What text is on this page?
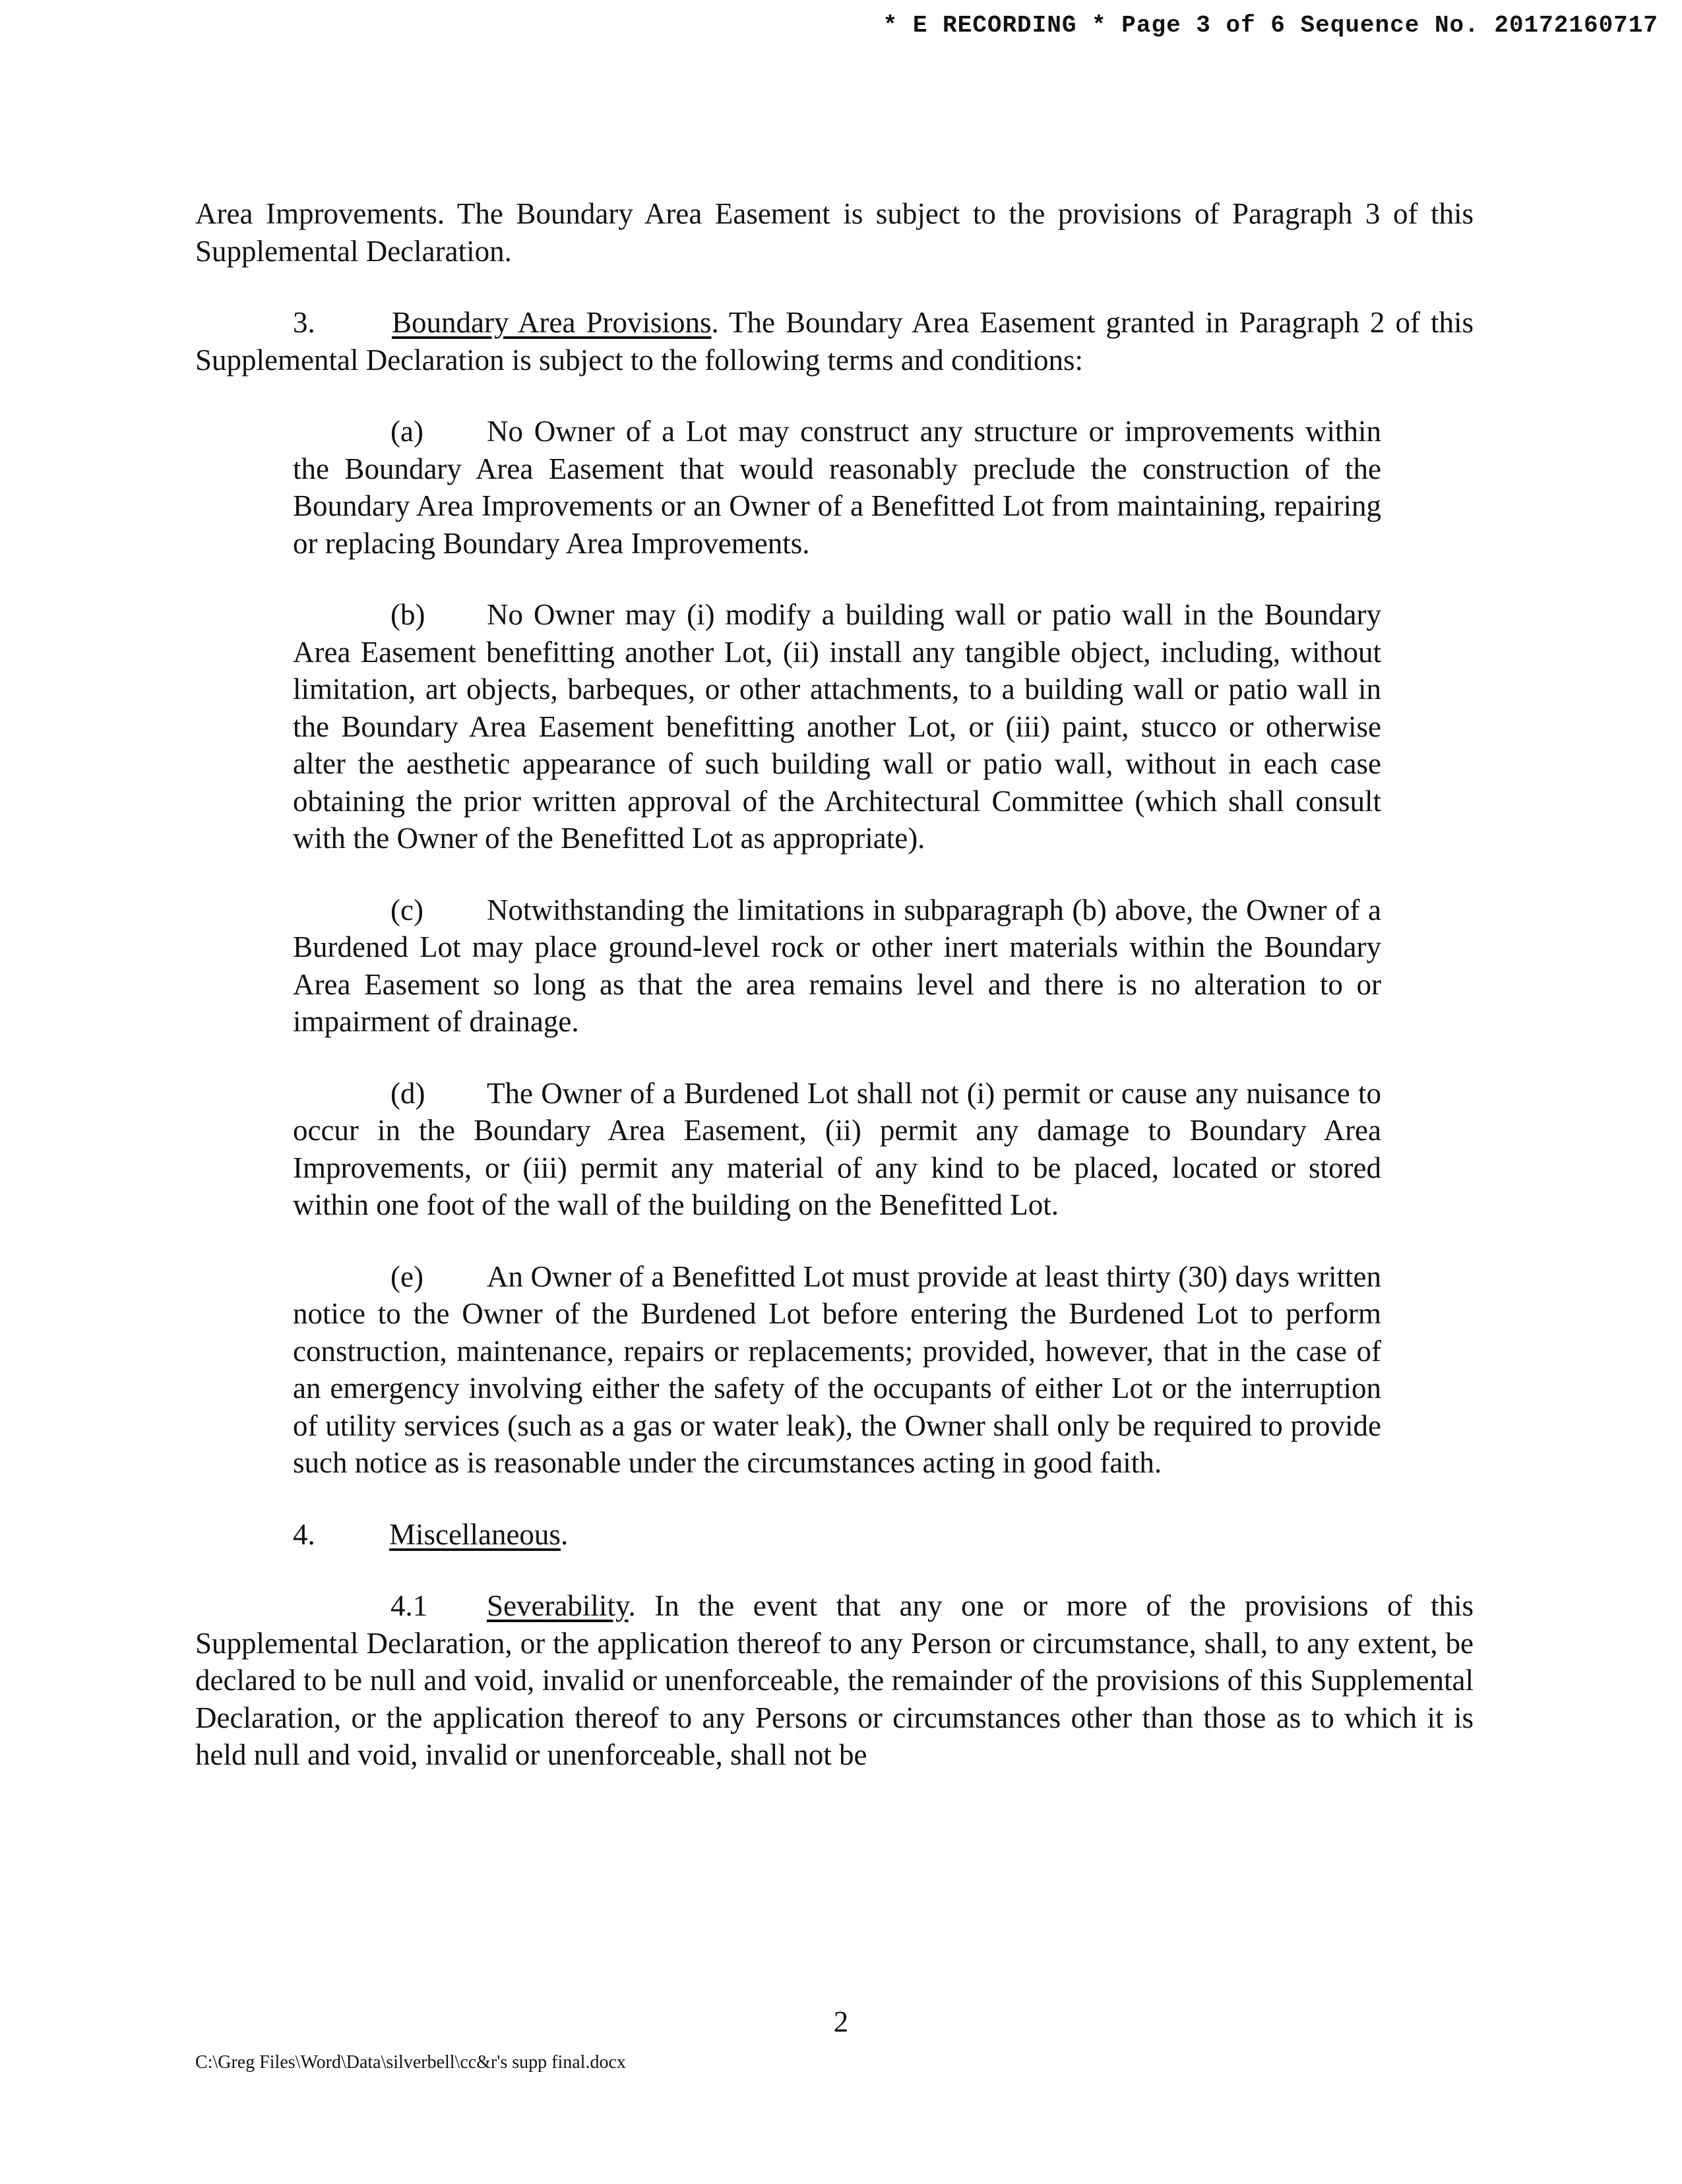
* E RECORDING * Page 3 of 6 Sequence No. 20172160717

Area Improvements. The Boundary Area Easement is subject to the provisions of Paragraph 3 of this Supplemental Declaration.

3.	Boundary Area Provisions. The Boundary Area Easement granted in Paragraph 2 of this Supplemental Declaration is subject to the following terms and conditions:

(a) No Owner of a Lot may construct any structure or improvements within the Boundary Area Easement that would reasonably preclude the construction of the Boundary Area Improvements or an Owner of a Benefitted Lot from maintaining, repairing or replacing Boundary Area Improvements.

(b) No Owner may (i) modify a building wall or patio wall in the Boundary Area Easement benefitting another Lot, (ii) install any tangible object, including, without limitation, art objects, barbeques, or other attachments, to a building wall or patio wall in the Boundary Area Easement benefitting another Lot, or (iii) paint, stucco or otherwise alter the aesthetic appearance of such building wall or patio wall, without in each case obtaining the prior written approval of the Architectural Committee (which shall consult with the Owner of the Benefitted Lot as appropriate).

(c) Notwithstanding the limitations in subparagraph (b) above, the Owner of a Burdened Lot may place ground-level rock or other inert materials within the Boundary Area Easement so long as that the area remains level and there is no alteration to or impairment of drainage.

(d) The Owner of a Burdened Lot shall not (i) permit or cause any nuisance to occur in the Boundary Area Easement, (ii) permit any damage to Boundary Area Improvements, or (iii) permit any material of any kind to be placed, located or stored within one foot of the wall of the building on the Benefitted Lot.

(e) An Owner of a Benefitted Lot must provide at least thirty (30) days written notice to the Owner of the Burdened Lot before entering the Burdened Lot to perform construction, maintenance, repairs or replacements; provided, however, that in the case of an emergency involving either the safety of the occupants of either Lot or the interruption of utility services (such as a gas or water leak), the Owner shall only be required to provide such notice as is reasonable under the circumstances acting in good faith.

4. Miscellaneous.

4.1 Severability. In the event that any one or more of the provisions of this Supplemental Declaration, or the application thereof to any Person or circumstance, shall, to any extent, be declared to be null and void, invalid or unenforceable, the remainder of the provisions of this Supplemental Declaration, or the application thereof to any Persons or circumstances other than those as to which it is held null and void, invalid or unenforceable, shall not be

2
C:\Greg Files\Word\Data\silverbell\cc&r's supp final.docx
